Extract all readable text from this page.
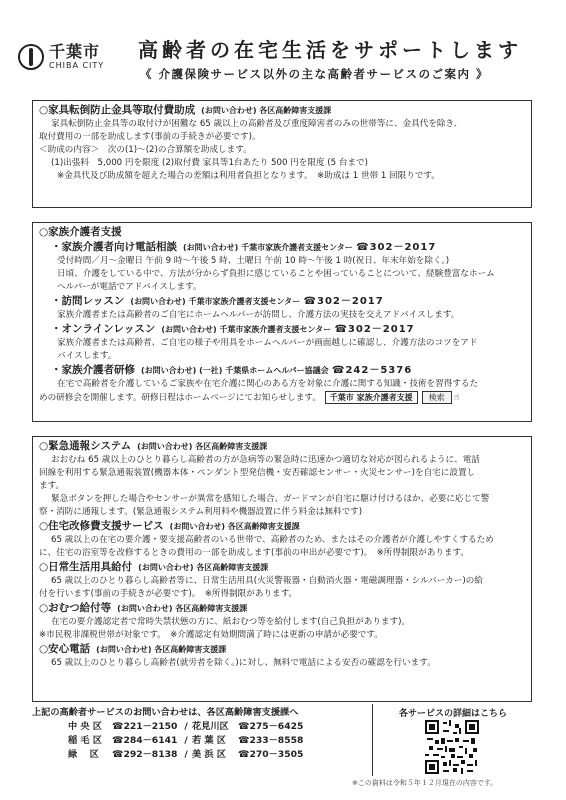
千葉市
CHIBA CITY
高齢者の在宅生活をサポートします
《 介護保険サービス以外の主な高齢者サービスのご案内 》

○家具転倒防止金具等取付費助成 (お問い合わせ) 各区高齢障害支援課

家具転倒防止金具等の取付けが困難な 65 歳以上の高齢者及び重度障害者のみの世帯等に、金具代を除き、

取付費用の一部を助成します(事前の手続きが必要です)。

＜助成の内容＞　次の(1)～(2)の合算額を助成します。

(1)出張料　5,000 円を限度 (2)取付費 家具等1台あたり 500 円を限度 (5 台まで)

※金具代及び助成額を超えた場合の差額は利用者負担となります。　※助成は 1 世帯 1 回限りです。

○家族介護者支援

・家族介護者向け電話相談 (お問い合わせ) 千葉市家族介護者支援センター ☎302－2017

受付時間／月～金曜日 午前 9 時～午後 5 時、土曜日 午前 10 時～午後 1 時(祝日、年末年始を除く。)

日頃、介護をしている中で、方法が分からず負担に感じていることや困っていることについて、経験豊富なホーム

ヘルパーが電話でアドバイスします。

・訪問レッスン (お問い合わせ) 千葉市家族介護者支援センター ☎302－2017

家族介護者または高齢者のご自宅にホームヘルパーが訪問し、介護方法の実技を交えアドバイスします。

・オンラインレッスン (お問い合わせ) 千葉市家族介護者支援センター ☎302－2017

家族介護者または高齢者、ご自宅の様子や用具をホームヘルパーが画面越しに確認し、介護方法のコツをアド

バイスします。

・家族介護者研修 (お問い合わせ) (一社) 千葉県ホームヘルパー協議会 ☎242－5376

在宅で高齢者を介護しているご家族や在宅介護に関心のある方を対象に介護に関する知識・技術を習得するた

めの研修会を開催します。研修日程はホームページにてお知らせします。 千葉市 家族介護者支援 検索 ☝

○緊急通報システム (お問い合わせ) 各区高齢障害支援課

おおむね 65 歳以上のひとり暮らし高齢者の方が急病等の緊急時に迅速かつ適切な対応が図られるように、電話

回線を利用する緊急通報装置(機器本体・ペンダント型発信機・安否確認センサー・火災センサー)を自宅に設置し

ます。

緊急ボタンを押した場合やセンサーが異常を感知した場合、ガードマンが自宅に駆け付けるほか、必要に応じて警

察・消防に通報します。(緊急通報システム利用料や機器設置に伴う料金は無料です)

○住宅改修費支援サービス (お問い合わせ) 各区高齢障害支援課

65 歳以上の在宅の要介護・要支援高齢者のいる世帯で、高齢者のため、またはその介護者が介護しやすくするため

に、住宅の浴室等を改修するときの費用の一部を助成します(事前の申出が必要です)。　※所得制限があります。

○日常生活用具給付 (お問い合わせ) 各区高齢障害支援課

65 歳以上のひとり暮らし高齢者等に、日常生活用具(火災警報器・自動消火器・電磁調理器・シルバーカー)の給

付を行います(事前の手続きが必要です)。　※所得制限があります。

○おむつ給付等 (お問い合わせ) 各区高齢障害支援課

在宅の要介護認定者で常時失禁状態の方に、紙おむつ等を給付します(自己負担があります)。

※市民税非課税世帯が対象です。　※介護認定有効期間満了時には更新の申請が必要です。

○安心電話 (お問い合わせ) 各区高齢障害支援課

65 歳以上のひとり暮らし高齢者(就労者を除く。)に対し、無料で電話による安否の確認を行います。

上記の高齢者サービスのお問い合わせは、各区高齢障害支援課へ
中 央 区	☎221－2150 / 花見川区	☎275－6425
稲 毛 区	☎284－6141 / 若 葉 区	☎233－8558
緑　 区	☎292－8138 / 美 浜 区	☎270－3505
各サービスの詳細はこちら
※この資料は令和５年１２月現在の内容です。
